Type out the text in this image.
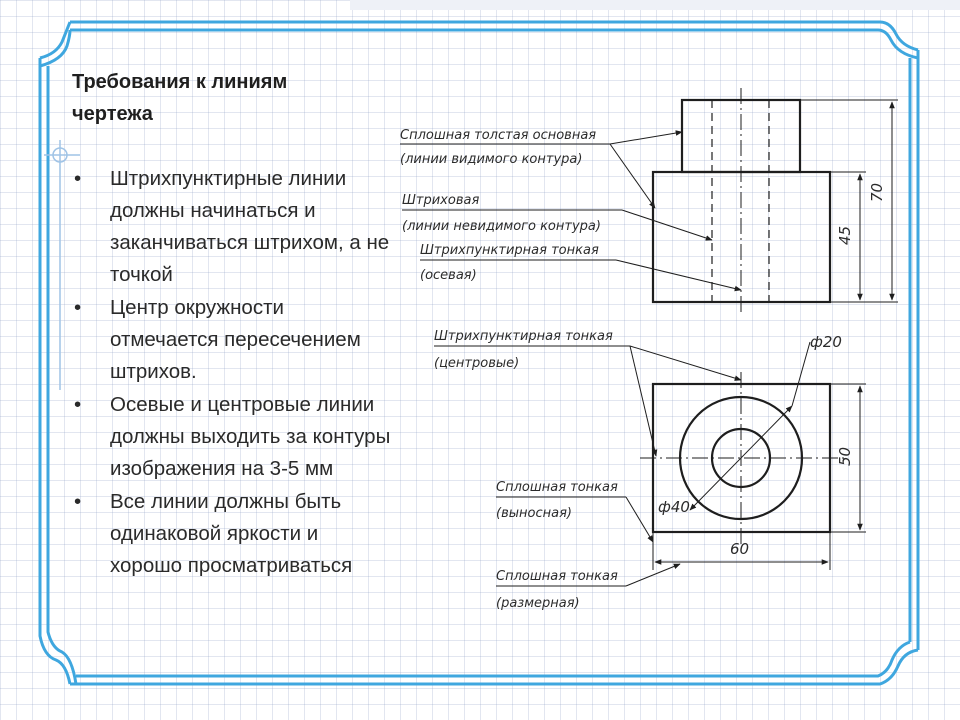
Требования к линиям
чертежа
• Штрихпунктирные линии должны начинаться и заканчиваться штрихом, а не точкой
• Центр окружности отмечается пересечением штрихов.
• Осевые и центровые линии должны выходить за контуры изображения на 3-5 мм
• Все линии должны быть одинаковой яркости и хорошо просматриваться
70
45
Сплошная толстая основная
(линии видимого контура)
Штриховая
(линии невидимого контура)
Штрихпунктирная тонкая
(осевая)
ф20
ф40
50
60
Штрихпунктирная тонкая
(центровые)
Сплошная тонкая
(выносная)
Сплошная тонкая
(размерная)
